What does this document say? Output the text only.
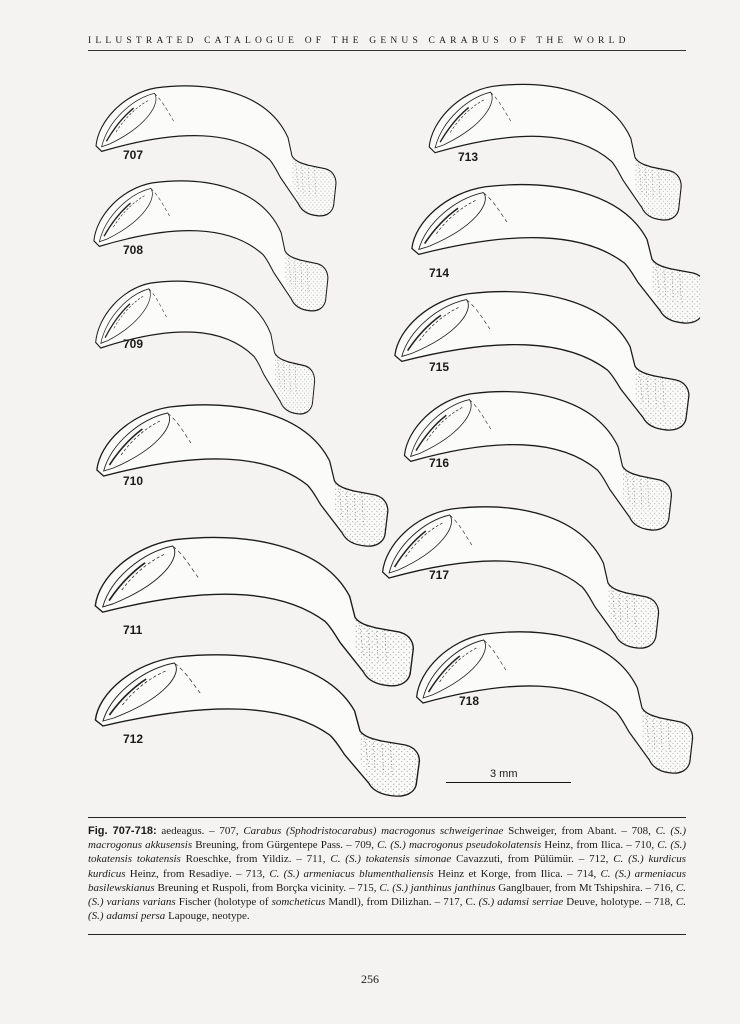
ILLUSTRATED CATALOGUE OF THE GENUS CARABUS OF THE WORLD
707
708
709
710
711
712
713
714
715
716
717
718
3 mm
Fig. 707-718: aedeagus. – 707, Carabus (Sphodristocarabus) macrogonus schweigerinae Schweiger, from Abant. – 708, C. (S.) macrogonus akkusensis Breuning, from Gürgentepe Pass. – 709, C. (S.) macrogonus pseudokolatensis Heinz, from Ilica. – 710, C. (S.) tokatensis tokatensis Roeschke, from Yildiz. – 711, C. (S.) tokatensis simonae Cavazzuti, from Pülümür. – 712, C. (S.) kurdicus kurdicus Heinz, from Resadiye. – 713, C. (S.) armeniacus blumenthaliensis Heinz et Korge, from Ilica. – 714, C. (S.) armeniacus basilewskianus Breuning et Ruspoli, from Borçka vicinity. – 715, C. (S.) janthinus janthinus Ganglbauer, from Mt Tshipshira. – 716, C. (S.) varians varians Fischer (holotype of somcheticus Mandl), from Dilizhan. – 717, C. (S.) adamsi serriae Deuve, holotype. – 718, C. (S.) adamsi persa Lapouge, neotype.
256
